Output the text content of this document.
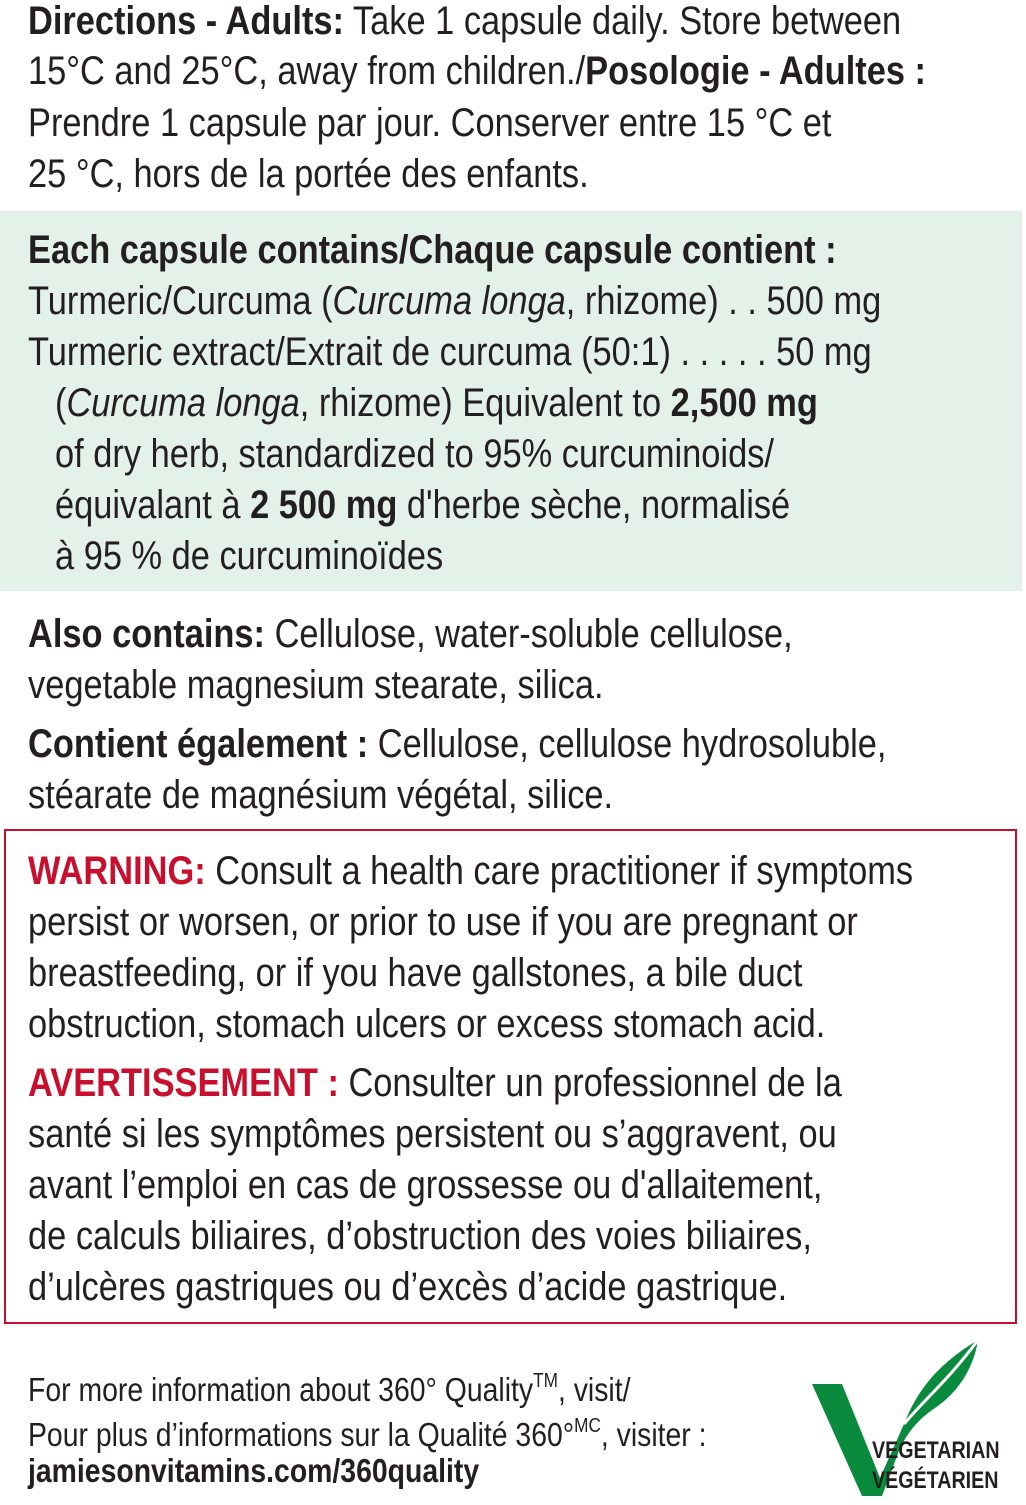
Directions - Adults: Take 1 capsule daily. Store between
15°C and 25°C, away from children./Posologie - Adultes :
Prendre 1 capsule par jour. Conserver entre 15 °C et
25 °C, hors de la portée des enfants.
Each capsule contains/Chaque capsule contient :
Turmeric/Curcuma (Curcuma longa, rhizome) . . 500 mg
Turmeric extract/Extrait de curcuma (50:1) . . . . . 50 mg
(Curcuma longa, rhizome) Equivalent to 2,500 mg
of dry herb, standardized to 95% curcuminoids/
équivalant à 2 500 mg d'herbe sèche, normalisé
à 95 % de curcuminoïdes
Also contains: Cellulose, water-soluble cellulose,
vegetable magnesium stearate, silica.
Contient également : Cellulose, cellulose hydrosoluble,
stéarate de magnésium végétal, silice.
WARNING: Consult a health care practitioner if symptoms
persist or worsen, or prior to use if you are pregnant or
breastfeeding, or if you have gallstones, a bile duct
obstruction, stomach ulcers or excess stomach acid.
AVERTISSEMENT : Consulter un professionnel de la
santé si les symptômes persistent ou s’aggravent, ou
avant l’emploi en cas de grossesse ou d'allaitement,
de calculs biliaires, d’obstruction des voies biliaires,
d’ulcères gastriques ou d’excès d’acide gastrique.
For more information about 360° Quality™, visit/
Pour plus d’informations sur la Qualité 360°$^{MC}$, visiter :
jamiesonvitamins.com/360quality
VEGETARIAN
VÉGÉTARIEN
